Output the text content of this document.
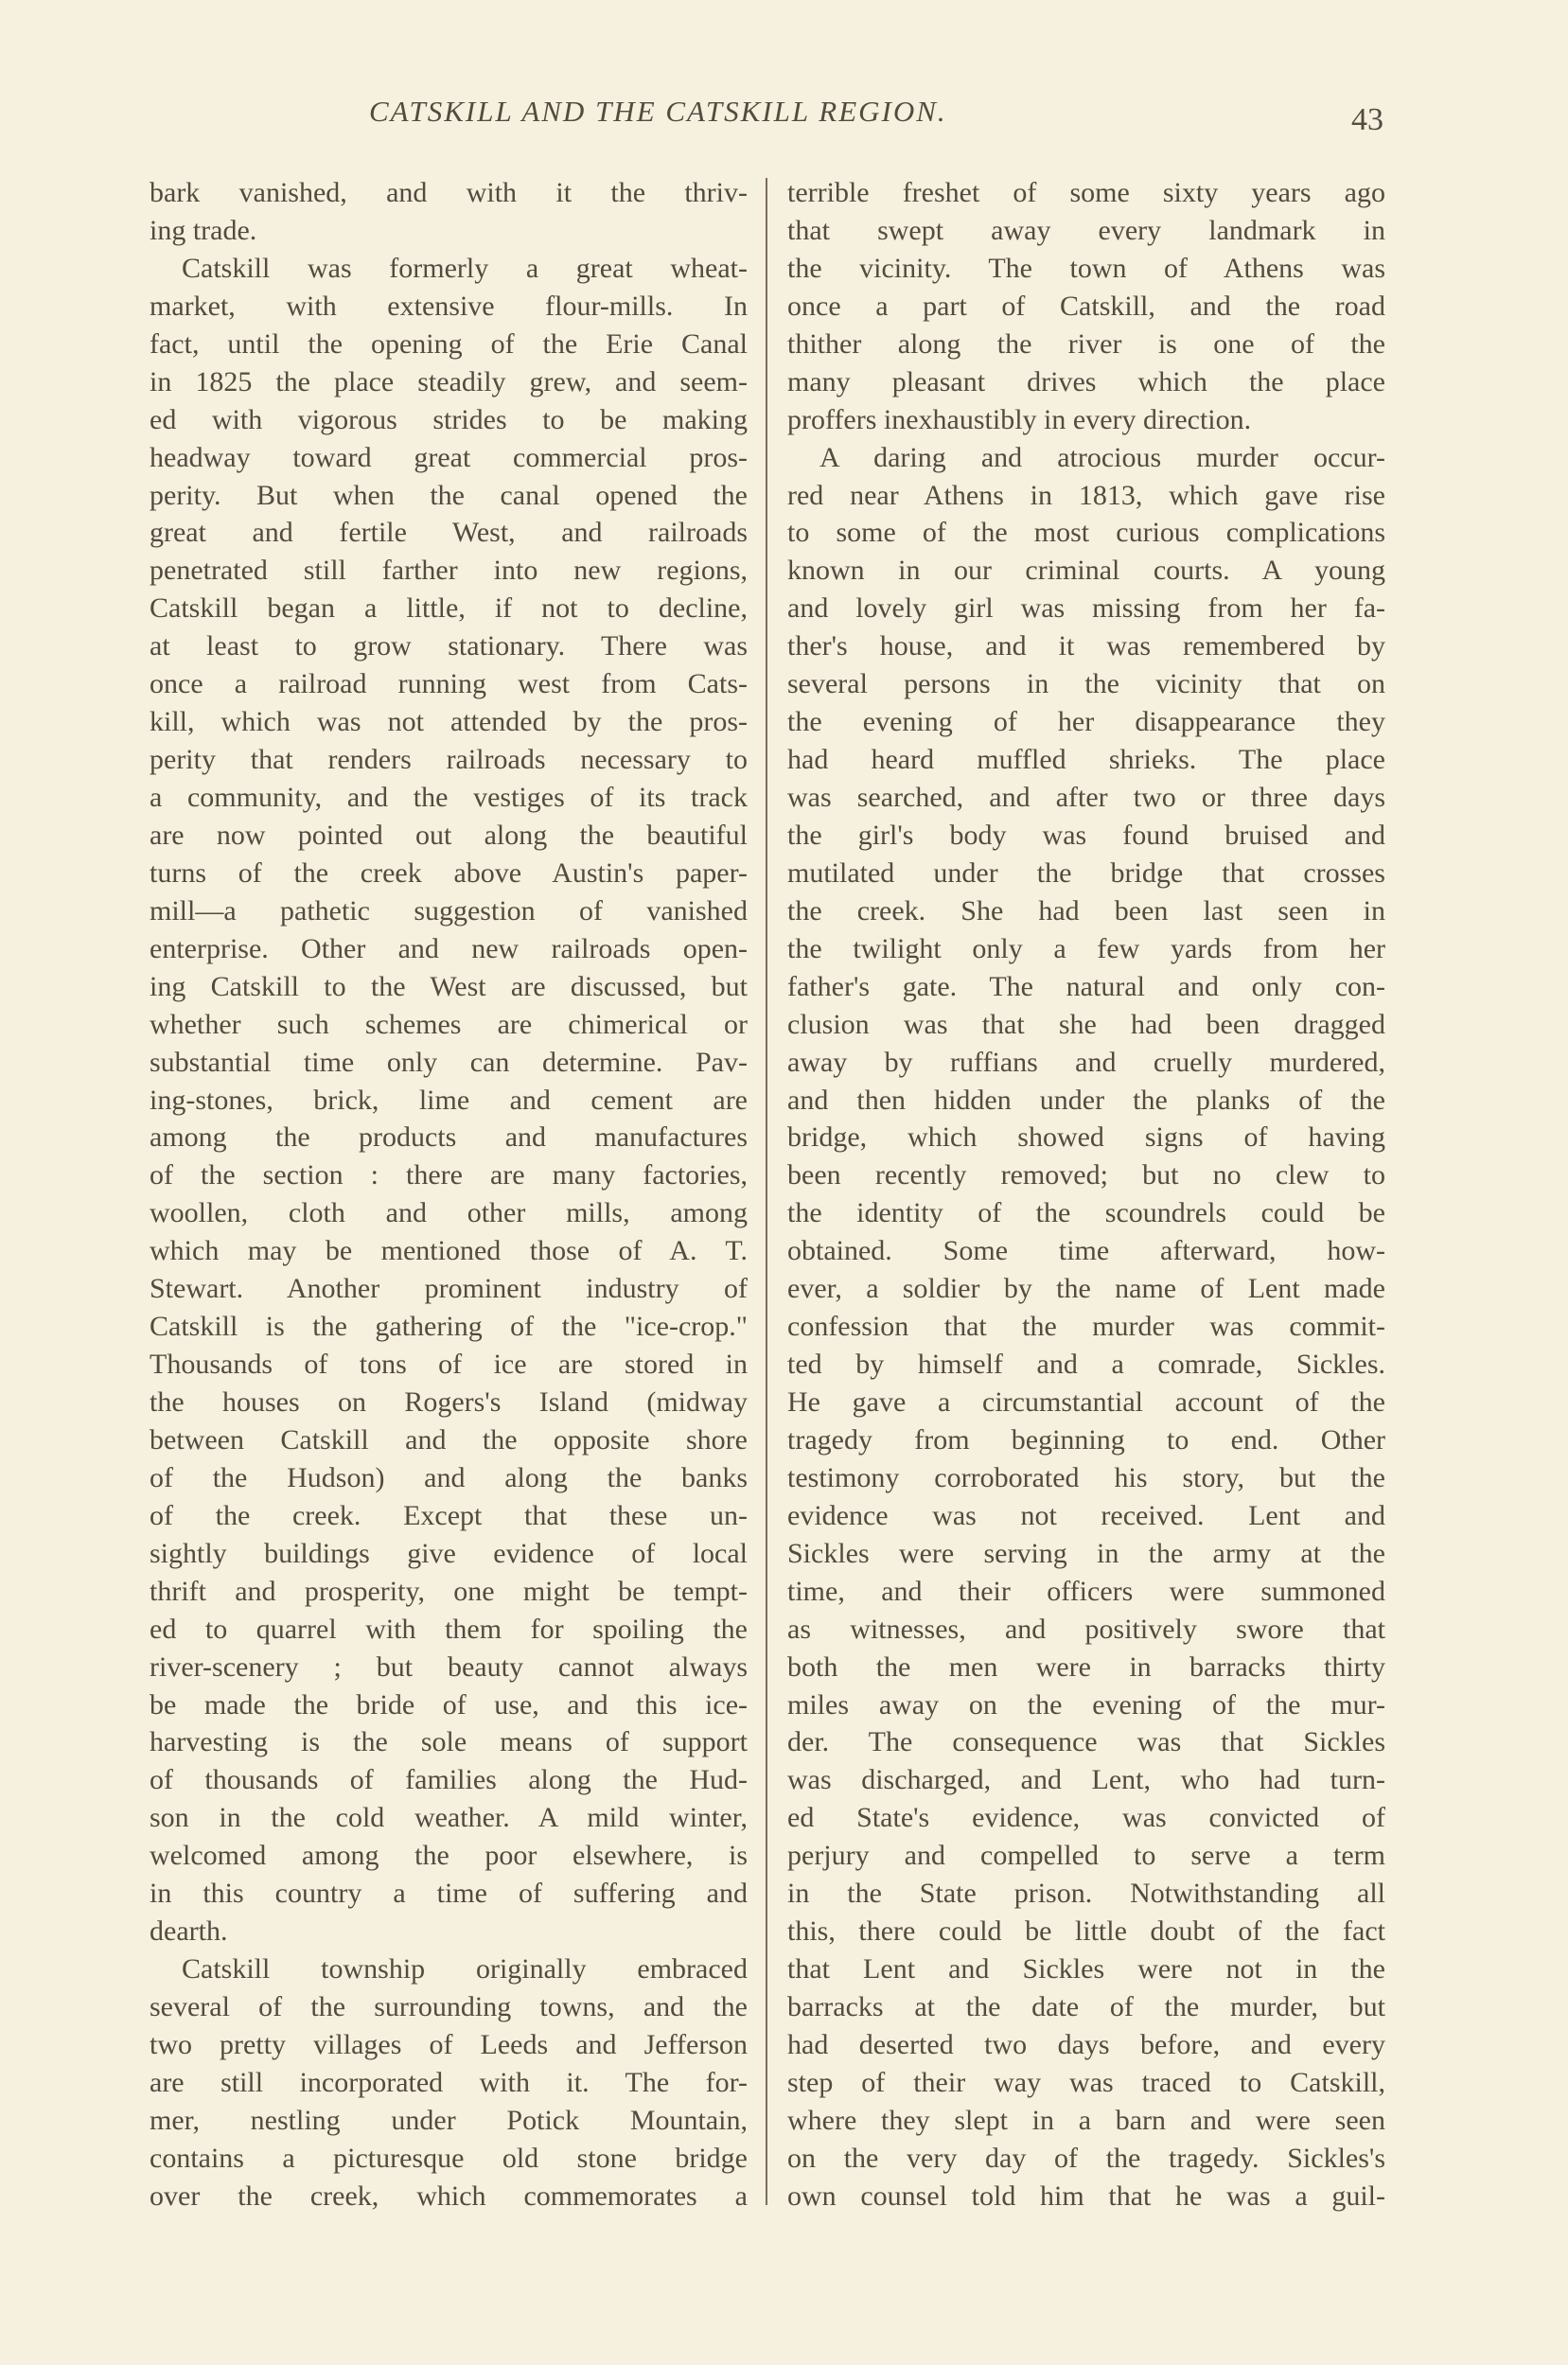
CATSKILL AND THE CATSKILL REGION.	43
bark vanished, and with it the thriv-
ing trade.
Catskill was formerly a great wheat-
market, with extensive flour-mills. In
fact, until the opening of the Erie Canal
in 1825 the place steadily grew, and seem-
ed with vigorous strides to be making
headway toward great commercial pros-
perity. But when the canal opened the
great and fertile West, and railroads
penetrated still farther into new regions,
Catskill began a little, if not to decline,
at least to grow stationary. There was
once a railroad running west from Cats-
kill, which was not attended by the pros-
perity that renders railroads necessary to
a community, and the vestiges of its track
are now pointed out along the beautiful
turns of the creek above Austin's paper-
mill—a pathetic suggestion of vanished
enterprise. Other and new railroads open-
ing Catskill to the West are discussed, but
whether such schemes are chimerical or
substantial time only can determine. Pav-
ing-stones, brick, lime and cement are
among the products and manufactures
of the section : there are many factories,
woollen, cloth and other mills, among
which may be mentioned those of A. T.
Stewart. Another prominent industry of
Catskill is the gathering of the "ice-crop."
Thousands of tons of ice are stored in
the houses on Rogers's Island (midway
between Catskill and the opposite shore
of the Hudson) and along the banks
of the creek. Except that these un-
sightly buildings give evidence of local
thrift and prosperity, one might be tempt-
ed to quarrel with them for spoiling the
river-scenery ; but beauty cannot always
be made the bride of use, and this ice-
harvesting is the sole means of support
of thousands of families along the Hud-
son in the cold weather. A mild winter,
welcomed among the poor elsewhere, is
in this country a time of suffering and
dearth.
Catskill township originally embraced
several of the surrounding towns, and the
two pretty villages of Leeds and Jefferson
are still incorporated with it. The for-
mer, nestling under Potick Mountain,
contains a picturesque old stone bridge
over the creek, which commemorates a
terrible freshet of some sixty years ago
that swept away every landmark in
the vicinity. The town of Athens was
once a part of Catskill, and the road
thither along the river is one of the
many pleasant drives which the place
proffers inexhaustibly in every direction.
A daring and atrocious murder occur-
red near Athens in 1813, which gave rise
to some of the most curious complications
known in our criminal courts. A young
and lovely girl was missing from her fa-
ther's house, and it was remembered by
several persons in the vicinity that on
the evening of her disappearance they
had heard muffled shrieks. The place
was searched, and after two or three days
the girl's body was found bruised and
mutilated under the bridge that crosses
the creek. She had been last seen in
the twilight only a few yards from her
father's gate. The natural and only con-
clusion was that she had been dragged
away by ruffians and cruelly murdered,
and then hidden under the planks of the
bridge, which showed signs of having
been recently removed; but no clew to
the identity of the scoundrels could be
obtained. Some time afterward, how-
ever, a soldier by the name of Lent made
confession that the murder was commit-
ted by himself and a comrade, Sickles.
He gave a circumstantial account of the
tragedy from beginning to end. Other
testimony corroborated his story, but the
evidence was not received. Lent and
Sickles were serving in the army at the
time, and their officers were summoned
as witnesses, and positively swore that
both the men were in barracks thirty
miles away on the evening of the mur-
der. The consequence was that Sickles
was discharged, and Lent, who had turn-
ed State's evidence, was convicted of
perjury and compelled to serve a term
in the State prison. Notwithstanding all
this, there could be little doubt of the fact
that Lent and Sickles were not in the
barracks at the date of the murder, but
had deserted two days before, and every
step of their way was traced to Catskill,
where they slept in a barn and were seen
on the very day of the tragedy. Sickles's
own counsel told him that he was a guil-
